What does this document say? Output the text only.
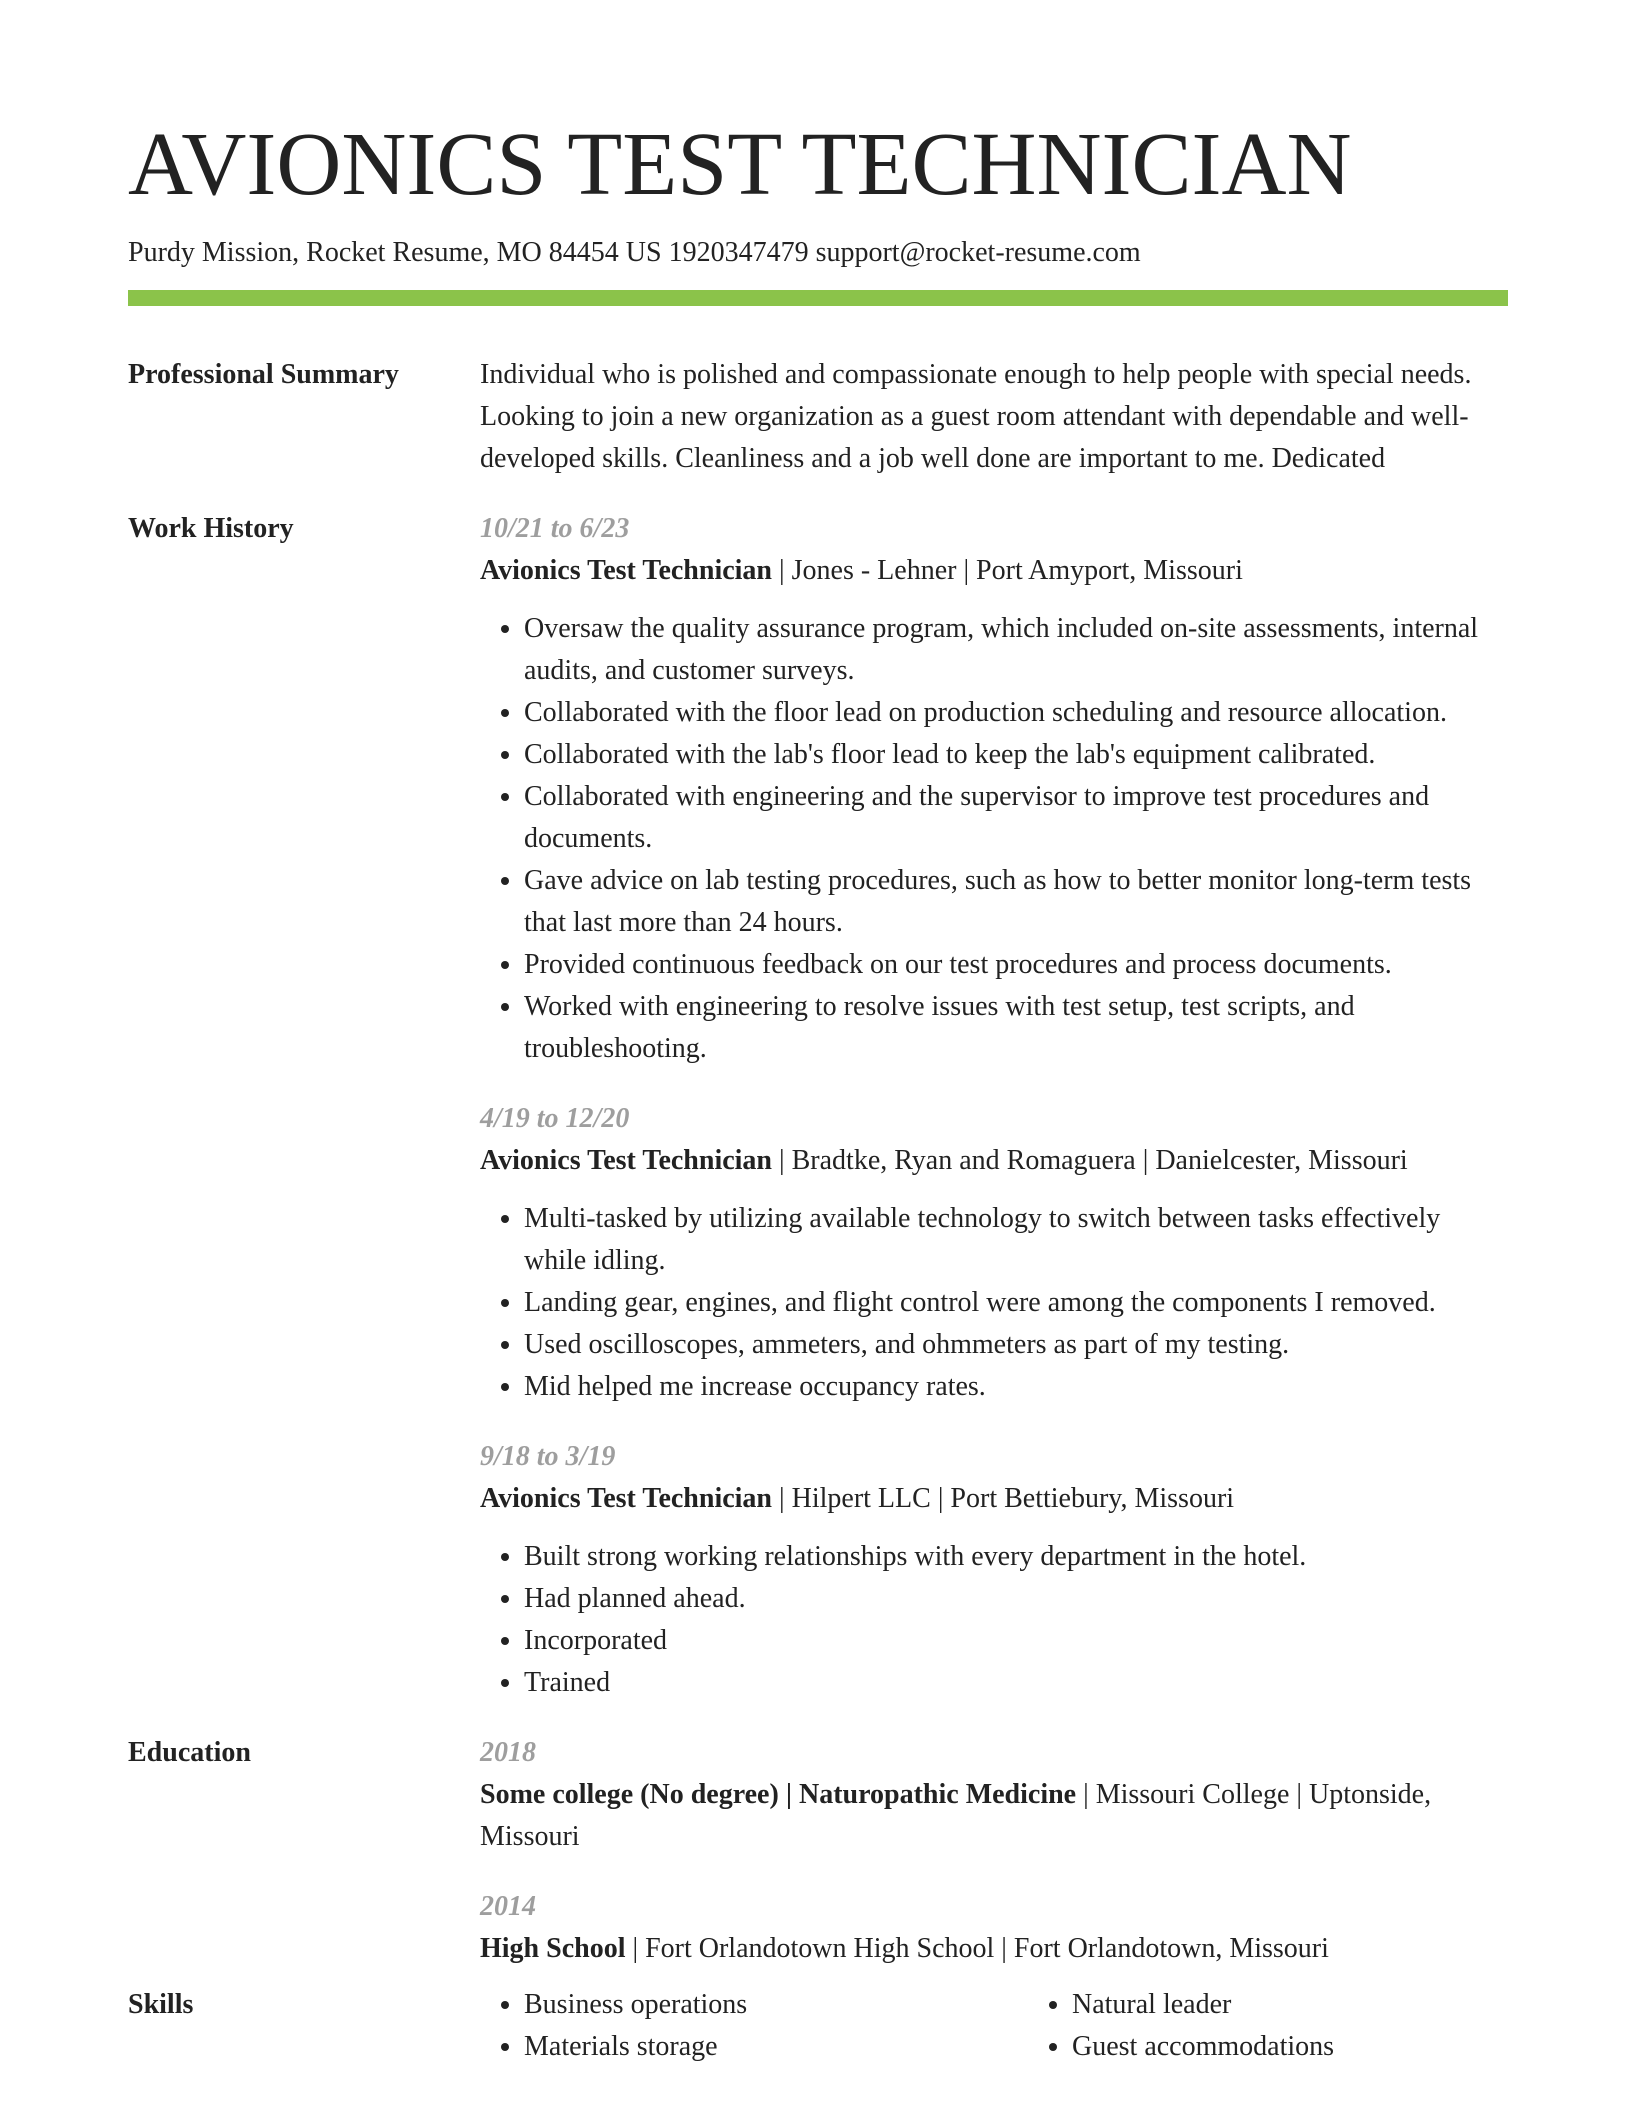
AVIONICS TEST TECHNICIAN
Purdy Mission, Rocket Resume, MO 84454 US 1920347479 support@rocket-resume.com
Professional Summary	Individual who is polished and compassionate enough to help people with special needs. Looking to join a new organization as a guest room attendant with dependable and well-developed skills. Cleanliness and a job well done are important to me. Dedicated

Work History	10/21 to 6/23
Avionics Test Technician | Jones - Lehner | Port Amyport, Missouri
• Oversaw the quality assurance program, which included on-site assessments, internal audits, and customer surveys.
• Collaborated with the floor lead on production scheduling and resource allocation.
• Collaborated with the lab's floor lead to keep the lab's equipment calibrated.
• Collaborated with engineering and the supervisor to improve test procedures and documents.
• Gave advice on lab testing procedures, such as how to better monitor long-term tests that last more than 24 hours.
• Provided continuous feedback on our test procedures and process documents.
• Worked with engineering to resolve issues with test setup, test scripts, and troubleshooting.
4/19 to 12/20
Avionics Test Technician | Bradtke, Ryan and Romaguera | Danielcester, Missouri
• Multi-tasked by utilizing available technology to switch between tasks effectively while idling.
• Landing gear, engines, and flight control were among the components I removed.
• Used oscilloscopes, ammeters, and ohmmeters as part of my testing.
• Mid helped me increase occupancy rates.
9/18 to 3/19
Avionics Test Technician | Hilpert LLC | Port Bettiebury, Missouri
• Built strong working relationships with every department in the hotel.
• Had planned ahead.
• Incorporated
• Trained
Education	2018
Some college (No degree) | Naturopathic Medicine | Missouri College | Uptonside, Missouri
2014
High School | Fort Orlandotown High School | Fort Orlandotown, Missouri
Skills
•	Business operations
• Materials storage
• Natural leader
• Guest accommodations
